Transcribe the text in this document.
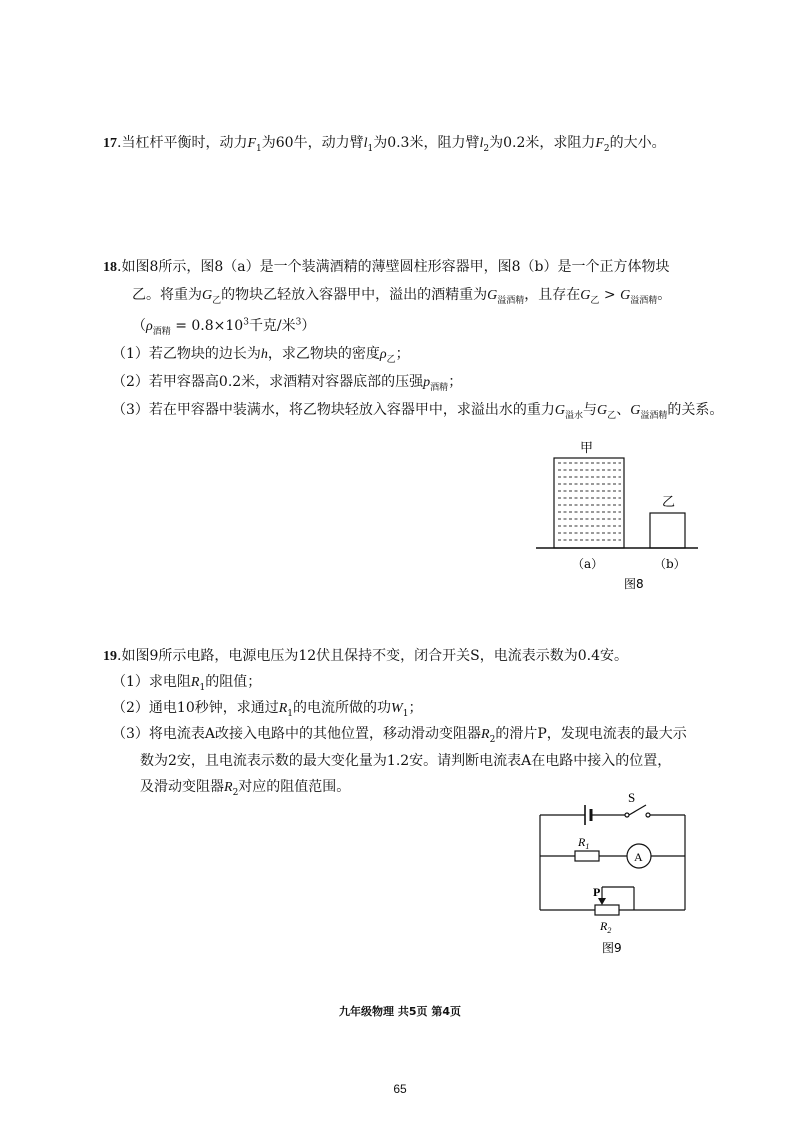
17.当杠杆平衡时，动力$F_1$为60牛，动力臂$l_1$为0.3米，阻力臂$l_2$为0.2米，求阻力$F_2$的大小。
18.如图8所示，图8（a）是一个装满酒精的薄壁圆柱形容器甲，图8（b）是一个正方体物块
乙。将重为$G_乙$的物块乙轻放入容器甲中，溢出的酒精重为$G_{溢酒精}$，且存在$G_乙 > G_{溢酒精}$。
（$\rho_{酒精} = 0.8\times 10^3$千克/米$^3$）
（1）若乙物块的边长为h，求乙物块的密度$\rho_乙$；
（2）若甲容器高0.2米，求酒精对容器底部的压强$p_{酒精}$；
（3）若在甲容器中装满水，将乙物块轻放入容器甲中，求溢出水的重力$G_{溢水}$与$G_乙$、$G_{溢酒精}$的关系。
甲
乙
（a）	（b）
图8
19.如图9所示电路，电源电压为12伏且保持不变，闭合开关S，电流表示数为0.4安。
（1）求电阻$R_1$的阻值；
（2）通电10秒钟，求通过$R_1$的电流所做的功$W_1$；
（3）将电流表A改接入电路中的其他位置，移动滑动变阻器$R_2$的滑片P，发现电流表的最大示
数为2安，且电流表示数的最大变化量为1.2安。请判断电流表A在电路中接入的位置，
及滑动变阻器$R_2$对应的阻值范围。
S
$R_1$
A
P
$R_2$
图9
九年级物理 共5页 第4页
65
